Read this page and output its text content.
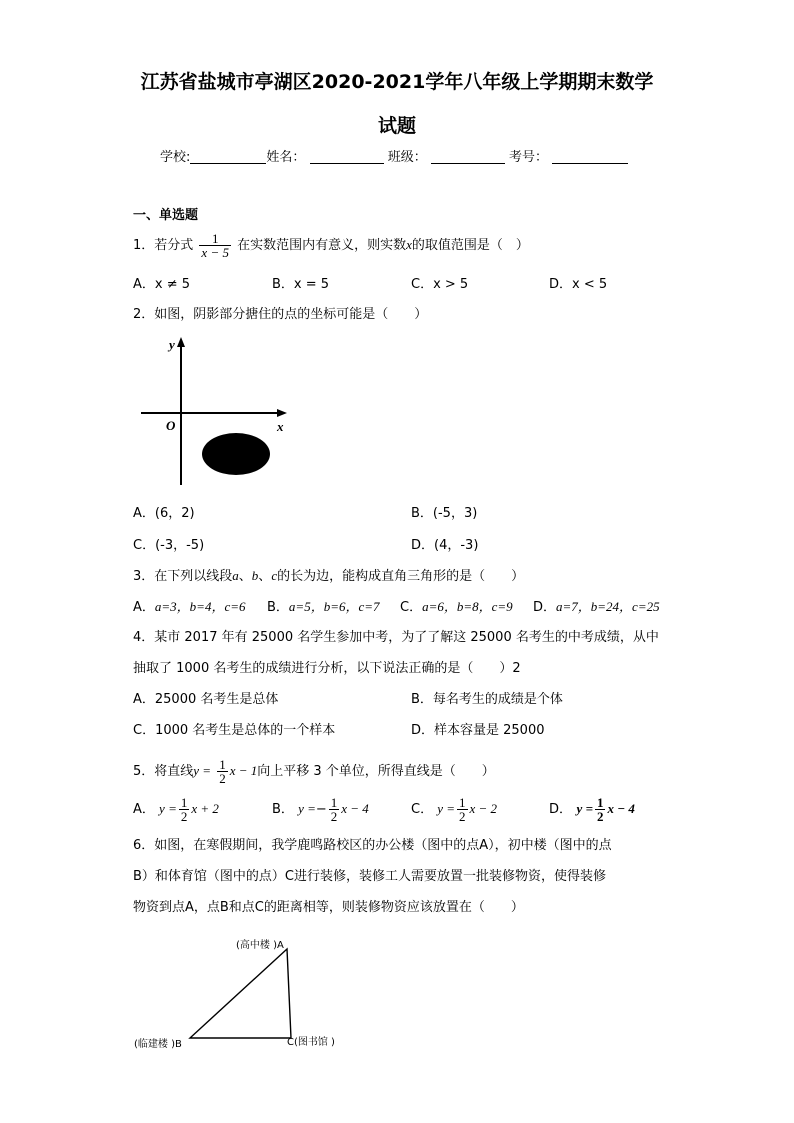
江苏省盐城市亭湖区2020-2021学年八年级上学期期末数学
试题
学校:	姓名：	班级：	考号：
一、单选题
1．若分式 $\frac{1}{x - 5}$ 在实数范围内有意义，则实数x的取值范围是（　）
A．x ≠ 5	B．x = 5	C．x > 5	D．x < 5
2．如图，阴影部分搪住的点的坐标可能是（　　）
y
x
O
A．(6，2)	B．(-5，3)
C．(-3，-5)	D．(4，-3)
3．在下列以线段a、b、c的长为边，能构成直角三角形的是（　　）
A．a=3，b=4，c=6 B．a=5，b=6，c=7 C．a=6，b=8，c=9 D．a=7，b=24，c=25
4．某市 2017 年有 25000 名学生参加中考，为了了解这 25000 名考生的中考成绩，从中
抽取了 1000 名考生的成绩进行分析，以下说法正确的是（　　）2
A．25000 名考生是总体	B．每名考生的成绩是个体
C．1000 名考生是总体的一个样本	D．样本容量是 25000
5．将直线$y = \frac{1}{2}$ x − 1向上平移 3 个单位，所得直线是（　　）
A． $y = \frac{1}{2}$ x + 2	B． $y =- \frac{1}{2}$ x − 4	C． $y = \frac{1}{2}$ x − 2	D． $y = \frac{1}{2}$ x − 4
6．如图，在寒假期间，我学鹿鸣路校区的办公楼（图中的点A），初中楼（图中的点
B）和体育馆（图中的点）C进行装修，装修工人需要放置一批装修物资，使得装修
物资到点A，点B和点C的距离相等，则装修物资应该放置在（　　）
(高中楼 )A
(临建楼 )B	C(图书馆 )
